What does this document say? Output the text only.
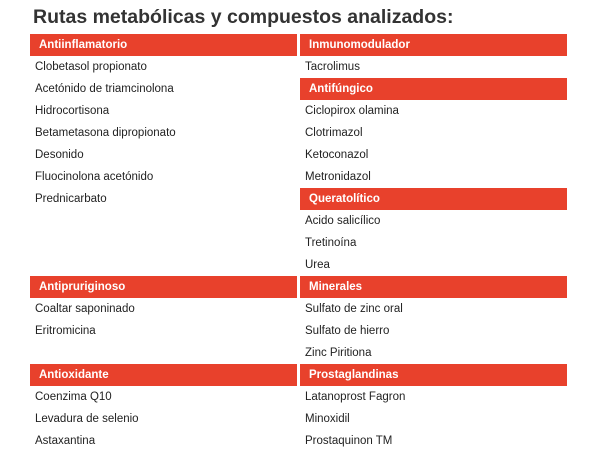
Rutas metabólicas y compuestos analizados:
Antiinflamatorio
Clobetasol propionato
Acetónido de triamcinolona
Hidrocortisona
Betametasona dipropionato
Desonido
Fluocinolona acetónido
Prednicarbato
Antipruriginoso
Coaltar saponinado
Eritromicina
Antioxidante
Coenzima Q10
Levadura de selenio
Astaxantina
Inmunomodulador
Tacrolimus
Antifúngico
Ciclopirox olamina
Clotrimazol
Ketoconazol
Metronidazol
Queratolítico
Acido salicílico
Tretinoína
Urea
Minerales
Sulfato de zinc oral
Sulfato de hierro
Zinc Piritiona
Prostaglandinas
Latanoprost Fagron
Minoxidil
Prostaquinon TM
